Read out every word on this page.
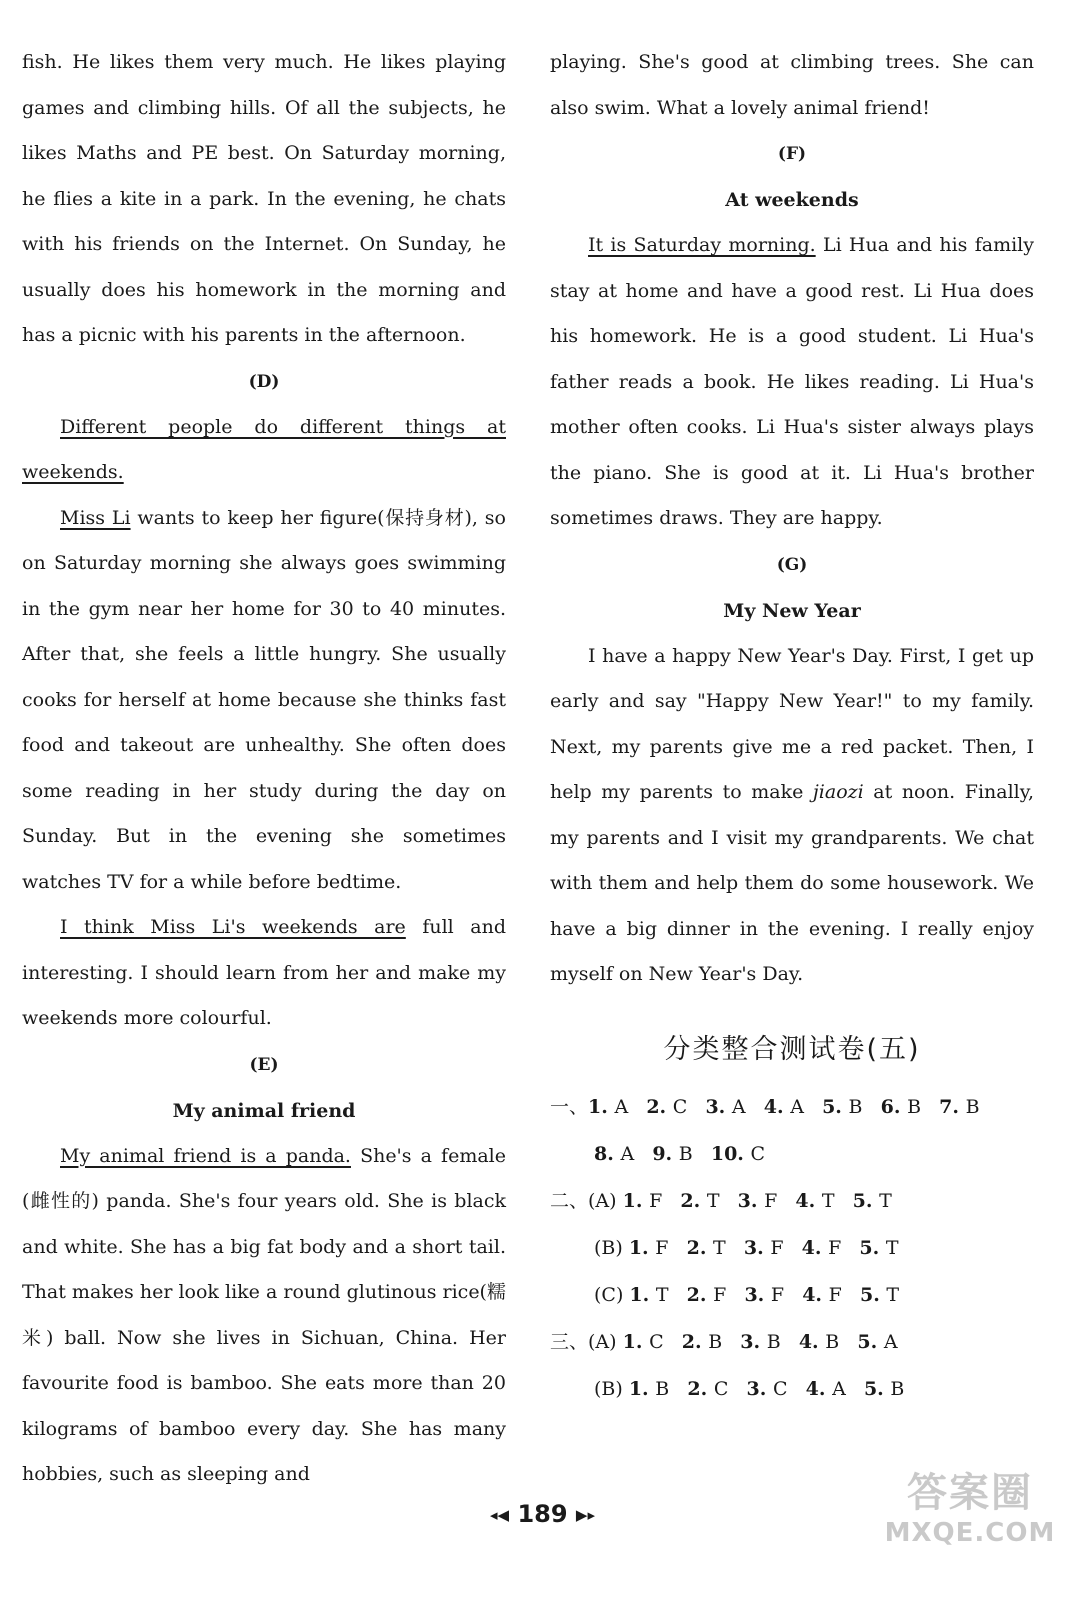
fish. He likes them very much. He likes playing games and climbing hills. Of all the subjects, he likes Maths and PE best. On Saturday morning, he flies a kite in a park. In the evening, he chats with his friends on the Internet. On Sunday, he usually does his homework in the morning and has a picnic with his parents in the afternoon.

(D)

Different people do different things at weekends.

Miss Li wants to keep her figure(保持身材), so on Saturday morning she always goes swimming in the gym near her home for 30 to 40 minutes. After that, she feels a little hungry. She usually cooks for herself at home because she thinks fast food and takeout are unhealthy. She often does some reading in her study during the day on Sunday. But in the evening she sometimes watches TV for a while before bedtime.

I think Miss Li's weekends are full and interesting. I should learn from her and make my weekends more colourful.

(E)
My animal friend

My animal friend is a panda. She's a female (雌性的) panda. She's four years old. She is black and white. She has a big fat body and a short tail. That makes her look like a round glutinous rice(糯米) ball. Now she lives in Sichuan, China. Her favourite food is bamboo. She eats more than 20 kilograms of bamboo every day. She has many hobbies, such as sleeping and

playing. She's good at climbing trees. She can also swim. What a lovely animal friend!

(F)
At weekends

It is Saturday morning. Li Hua and his family stay at home and have a good rest. Li Hua does his homework. He is a good student. Li Hua's father reads a book. He likes reading. Li Hua's mother often cooks. Li Hua's sister always plays the piano. She is good at it. Li Hua's brother sometimes draws. They are happy.

(G)
My New Year

I have a happy New Year's Day. First, I get up early and say "Happy New Year!" to my family. Next, my parents give me a red packet. Then, I help my parents to make jiaozi at noon. Finally, my parents and I visit my grandparents. We chat with them and help them do some housework. We have a big dinner in the evening. I really enjoy myself on New Year's Day.

分类整合测试卷(五)
一、1. A 2. C 3. A 4. A 5. B 6. B 7. B
8. A 9. B 10. C
二、(A) 1. F 2. T 3. F 4. T 5. T
(B) 1. F 2. T 3. F 4. F 5. T
(C) 1. T 2. F 3. F 4. F 5. T
三、(A) 1. C 2. B 3. B 4. B 5. A
(B) 1. B 2. C 3. C 4. A 5. B
◂◀ 189 ▶▸	答案圈
MXQE.COM
